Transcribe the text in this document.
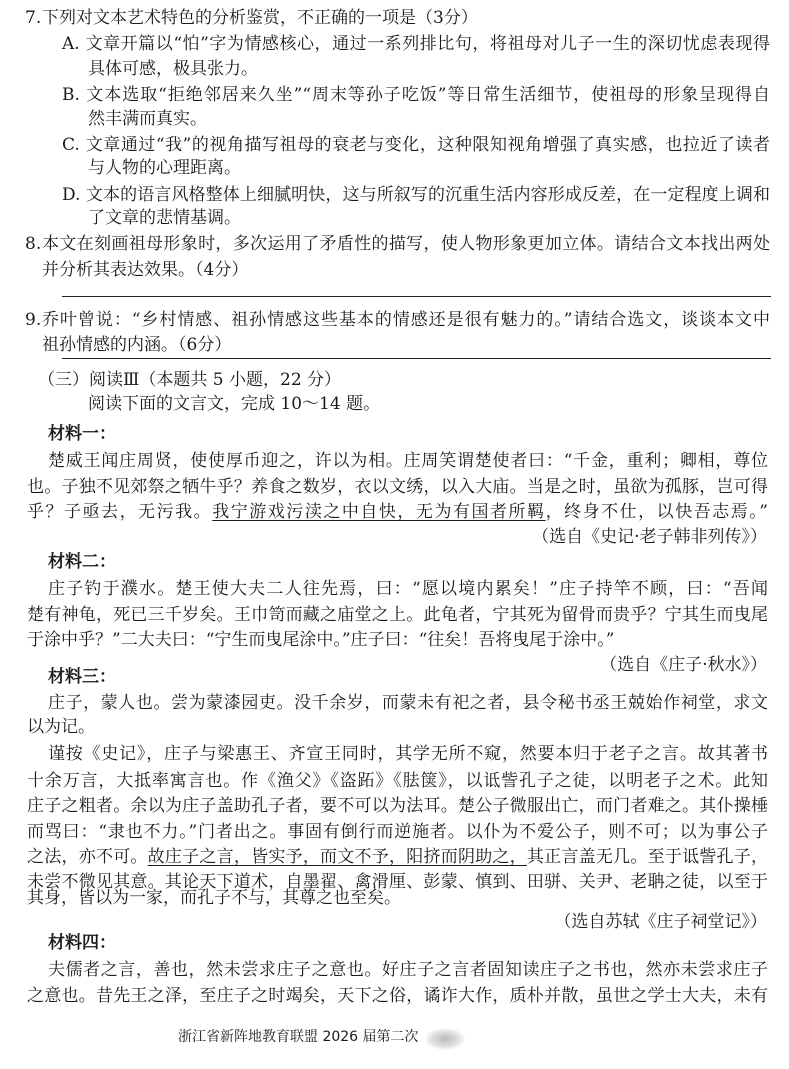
7. 下列对文本艺术特色的分析鉴赏，不正确的一项是（3分）
A. 文章开篇以“怕”字为情感核心，通过一系列排比句，将祖母对儿子一生的深切忧虑表现得
具体可感，极具张力。
B. 文本选取“拒绝邻居来久坐”“周末等孙子吃饭”等日常生活细节，使祖母的形象呈现得自
然丰满而真实。
C. 文章通过“我”的视角描写祖母的衰老与变化，这种限知视角增强了真实感，也拉近了读者
与人物的心理距离。
D. 文本的语言风格整体上细腻明快，这与所叙写的沉重生活内容形成反差，在一定程度上调和
了文章的悲情基调。
8. 本文在刻画祖母形象时，多次运用了矛盾性的描写，使人物形象更加立体。请结合文本找出两处
并分析其表达效果。（4分）
9. 乔叶曾说：“乡村情感、祖孙情感这些基本的情感还是很有魅力的。”请结合选文，谈谈本文中
祖孙情感的内涵。（6分）
（三）阅读Ⅲ（本题共 5 小题，22 分）
阅读下面的文言文，完成 10～14 题。
材料一：
楚威王闻庄周贤，使使厚币迎之，许以为相。庄周笑谓楚使者曰：“千金，重利；卿相，尊位
也。子独不见郊祭之牺牛乎？养食之数岁，衣以文绣，以入大庙。当是之时，虽欲为孤豚，岂可得
乎？子亟去，无污我。我宁游戏污渎之中自快，无为有国者所羁，终身不仕，以快吾志焉。”
（选自《史记·老子韩非列传》）
材料二：
庄子钓于濮水。楚王使大夫二人往先焉，曰：“愿以境内累矣！”庄子持竿不顾，曰：“吾闻
楚有神龟，死已三千岁矣。王巾笥而藏之庙堂之上。此龟者，宁其死为留骨而贵乎？宁其生而曳尾
于涂中乎？”二大夫曰：“宁生而曳尾涂中。”庄子曰：“往矣！吾将曳尾于涂中。”
（选自《庄子·秋水》）
材料三：
庄子，蒙人也。尝为蒙漆园吏。没千余岁，而蒙未有祀之者，县令秘书丞王兢始作祠堂，求文
以为记。
谨按《史记》，庄子与梁惠王、齐宣王同时，其学无所不窥，然要本归于老子之言。故其著书
十余万言，大抵率寓言也。作《渔父》《盗跖》《胠箧》，以诋訾孔子之徒，以明老子之术。此知
庄子之粗者。余以为庄子盖助孔子者，要不可以为法耳。楚公子微服出亡，而门者难之。其仆操棰
而骂曰：“隶也不力。”门者出之。事固有倒行而逆施者。以仆为不爱公子，则不可；以为事公子
之法，亦不可。故庄子之言，皆实予，而文不予，阳挤而阴助之，其正言盖无几。至于诋訾孔子，
未尝不微见其意。其论天下道术，自墨翟、禽滑厘、彭蒙、慎到、田骈、关尹、老聃之徒，以至于
其身，皆以为一家，而孔子不与，其尊之也至矣。
（选自苏轼《庄子祠堂记》）
材料四：
夫儒者之言，善也，然未尝求庄子之意也。好庄子之言者固知读庄子之书也，然亦未尝求庄子
之意也。昔先王之泽，至庄子之时竭矣，天下之俗，谲诈大作，质朴并散，虽世之学士大夫，未有
浙江省新阵地教育联盟 2026 届第二次
